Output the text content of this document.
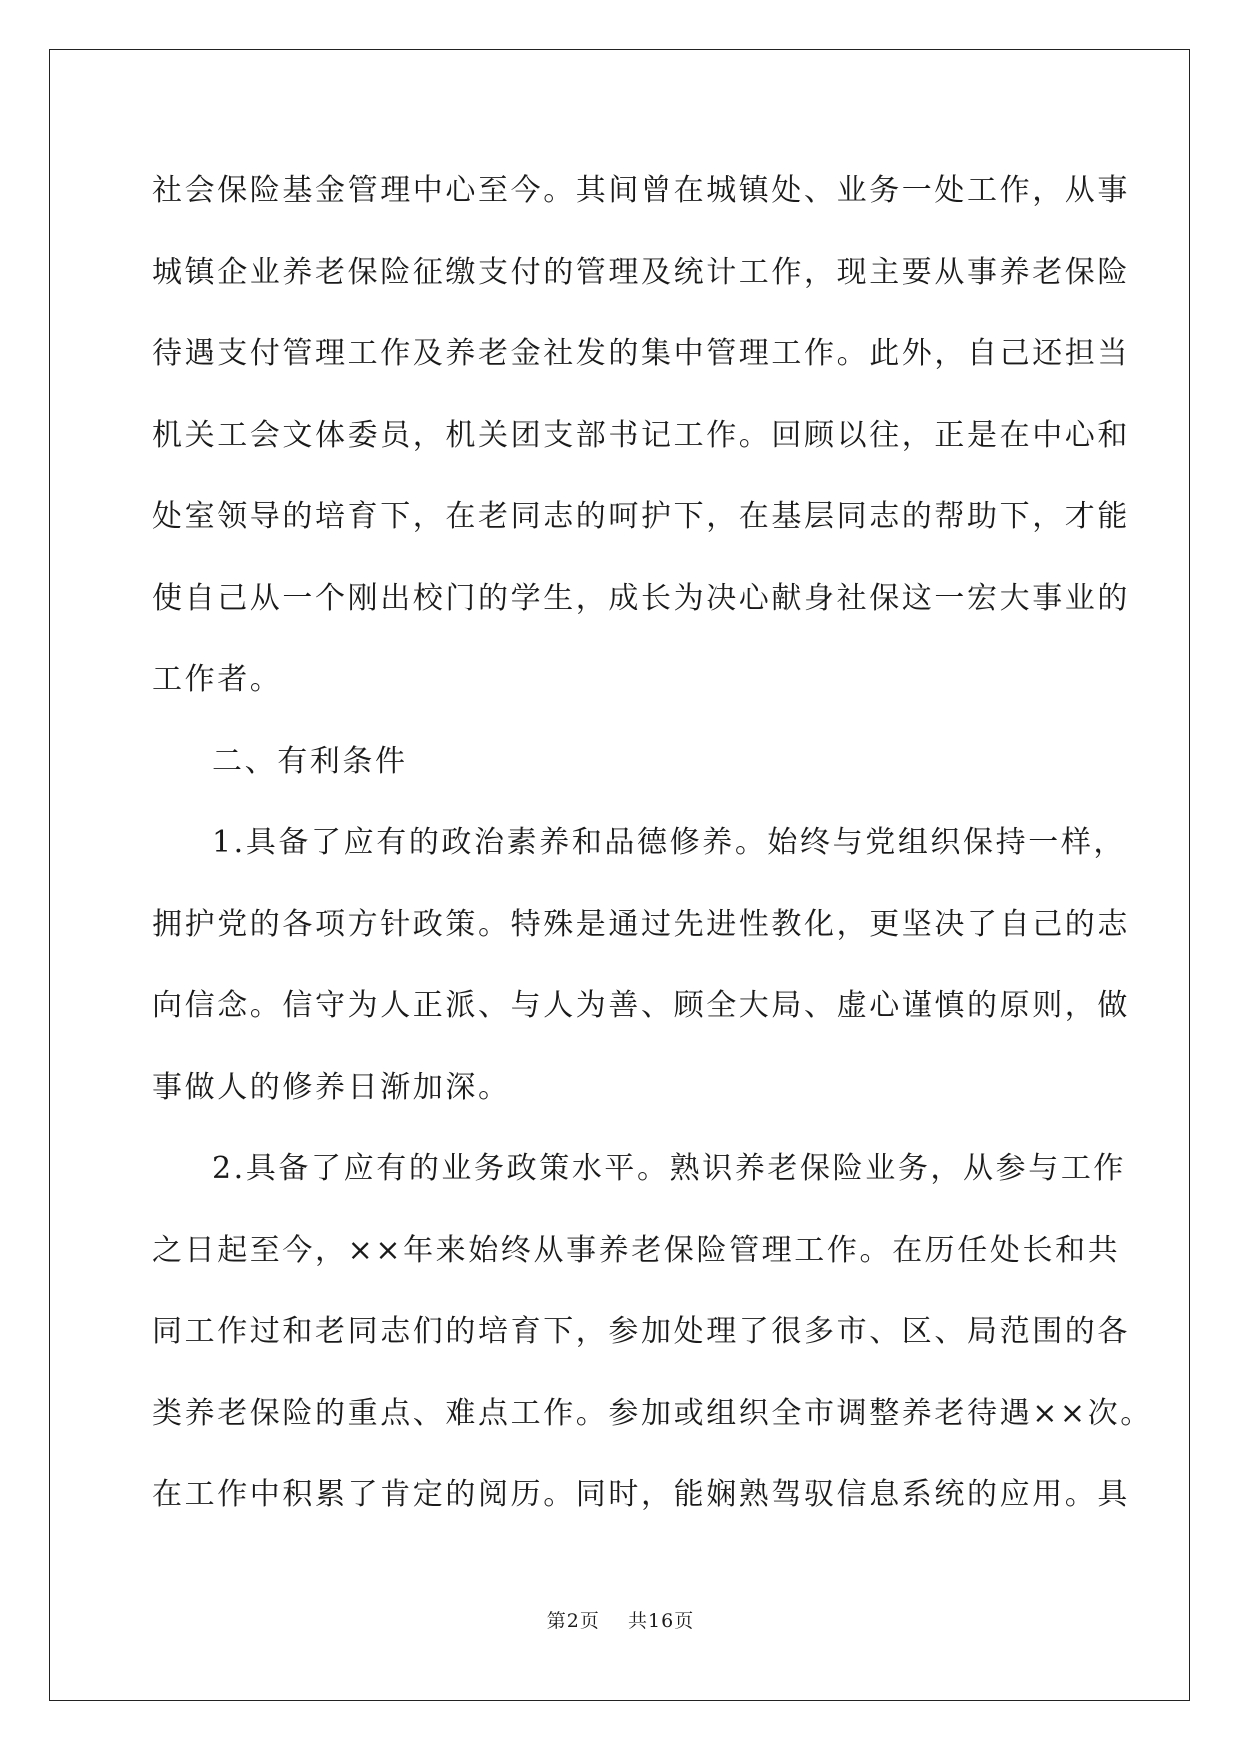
社会保险基金管理中心至今。其间曾在城镇处、业务一处工作，从事
城镇企业养老保险征缴支付的管理及统计工作，现主要从事养老保险
待遇支付管理工作及养老金社发的集中管理工作。此外，自己还担当
机关工会文体委员，机关团支部书记工作。回顾以往，正是在中心和
处室领导的培育下，在老同志的呵护下，在基层同志的帮助下，才能
使自己从一个刚出校门的学生，成长为决心献身社保这一宏大事业的
工作者。
二、有利条件
1.具备了应有的政治素养和品德修养。始终与党组织保持一样，
拥护党的各项方针政策。特殊是通过先进性教化，更坚决了自己的志
向信念。信守为人正派、与人为善、顾全大局、虚心谨慎的原则，做
事做人的修养日渐加深。
2.具备了应有的业务政策水平。熟识养老保险业务，从参与工作
之日起至今，××年来始终从事养老保险管理工作。在历任处长和共
同工作过和老同志们的培育下，参加处理了很多市、区、局范围的各
类养老保险的重点、难点工作。参加或组织全市调整养老待遇××次。
在工作中积累了肯定的阅历。同时，能娴熟驾驭信息系统的应用。具
第2页 共16页
